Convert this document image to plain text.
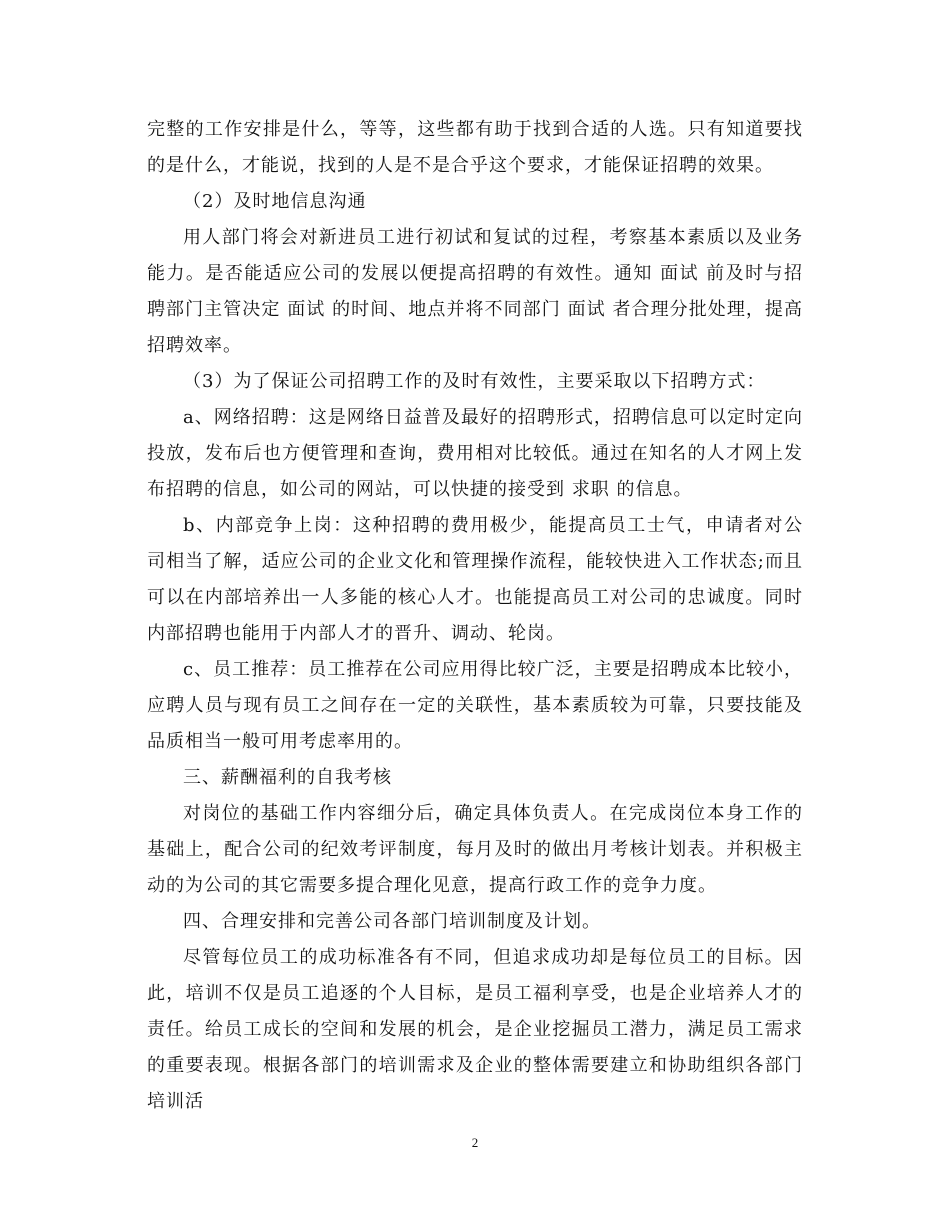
完整的工作安排是什么，等等，这些都有助于找到合适的人选。只有知道要找的是什么，才能说，找到的人是不是合乎这个要求，才能保证招聘的效果。

（2）及时地信息沟通

用人部门将会对新进员工进行初试和复试的过程，考察基本素质以及业务能力。是否能适应公司的发展以便提高招聘的有效性。通知 面试 前及时与招聘部门主管决定 面试 的时间、地点并将不同部门 面试 者合理分批处理，提高招聘效率。

（3）为了保证公司招聘工作的及时有效性，主要采取以下招聘方式：

a、网络招聘：这是网络日益普及最好的招聘形式，招聘信息可以定时定向投放，发布后也方便管理和查询，费用相对比较低。通过在知名的人才网上发布招聘的信息，如公司的网站，可以快捷的接受到 求职 的信息。

b、内部竞争上岗：这种招聘的费用极少，能提高员工士气，申请者对公司相当了解，适应公司的企业文化和管理操作流程，能较快进入工作状态;而且可以在内部培养出一人多能的核心人才。也能提高员工对公司的忠诚度。同时内部招聘也能用于内部人才的晋升、调动、轮岗。

c、员工推荐：员工推荐在公司应用得比较广泛，主要是招聘成本比较小，应聘人员与现有员工之间存在一定的关联性，基本素质较为可靠，只要技能及品质相当一般可用考虑率用的。

三、薪酬福利的自我考核

对岗位的基础工作内容细分后，确定具体负责人。在完成岗位本身工作的基础上，配合公司的纪效考评制度，每月及时的做出月考核计划表。并积极主动的为公司的其它需要多提合理化见意，提高行政工作的竞争力度。

四、合理安排和完善公司各部门培训制度及计划。

尽管每位员工的成功标准各有不同，但追求成功却是每位员工的目标。因此，培训不仅是员工追逐的个人目标，是员工福利享受，也是企业培养人才的责任。给员工成长的空间和发展的机会，是企业挖掘员工潜力，满足员工需求的重要表现。根据各部门的培训需求及企业的整体需要建立和协助组织各部门培训活

2
